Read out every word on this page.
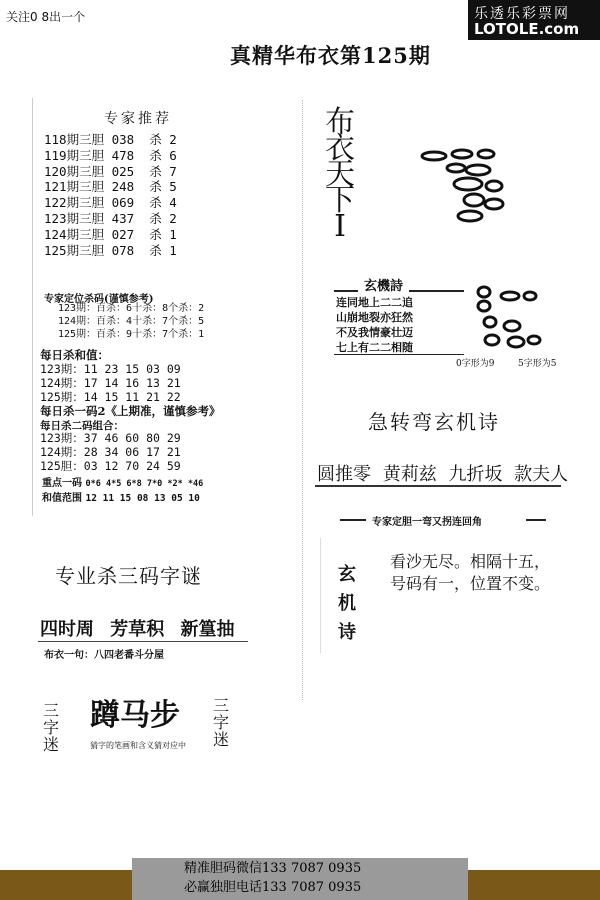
关注0 8出一个	乐透乐彩票网
LOTOLE.com
真精华布衣第125期
专家推荐
118期三胆 038  杀 2
119期三胆 478  杀 6
120期三胆 025  杀 7
121期三胆 248  杀 5
122期三胆 069  杀 4
123期三胆 437  杀 2
124期三胆 027  杀 1
125期三胆 078  杀 1
专家定位杀码(谨慎参考)
123期：百杀：6十杀：8个杀：2
124期：百杀：4十杀：7个杀：5
125期：百杀：9十杀：7个杀：1
每日杀和值：
123期：11 23 15 03 09
124期：17 14 16 13 21
125期：14 15 11 21 22
每日杀一码2《上期准，谨慎参考》
每日杀二码组合：
123期：37 46 60 80 29
124期：28 34 06 17 21
125胆：03 12 70 24 59
重点一码 0*6 4*5 6*8 7*0 *2* *46
和值范围 12 11 15 08 13 05 10
专业杀三码字谜
四时周 芳草积 新篁抽
布衣一句：八四老番斗分屋
三
字
迷
三
字
迷
蹲马步
猜字的笔画和含义猜对应中
布
衣
天
下
I
玄機詩
连同地上二二追
山崩地裂亦狂然
不及我情豪壮迈
七上有二二相随
0字形为9	5字形为5
急转弯玄机诗
圆推零 黄莉兹 九折坂 款夫人
专家定胆一弯又拐连回角
玄
机
诗
看沙无尽。相隔十五，
号码有一，位置不变。
精准胆码微信133 7087 0935
必赢独胆电话133 7087 0935
